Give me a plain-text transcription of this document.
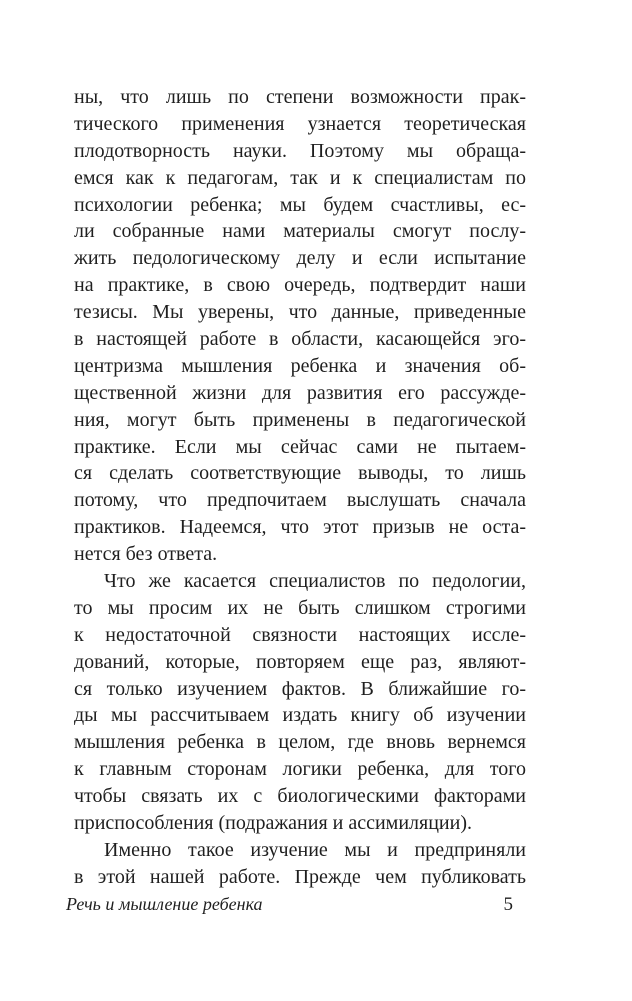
ны, что лишь по степени возможности прак-
тического применения узнается теоретическая
плодотворность науки. Поэтому мы обраща-
емся как к педагогам, так и к специалистам по
психологии ребенка; мы будем счастливы, ес-
ли собранные нами материалы смогут послу-
жить педологическому делу и если испытание
на практике, в свою очередь, подтвердит наши
тезисы. Мы уверены, что данные, приведенные
в настоящей работе в области, касающейся эго-
центризма мышления ребенка и значения об-
щественной жизни для развития его рассужде-
ния, могут быть применены в педагогической
практике. Если мы сейчас сами не пытаем-
ся сделать соответствующие выводы, то лишь
потому, что предпочитаем выслушать сначала
практиков. Надеемся, что этот призыв не оста-
нется без ответа.
Что же касается специалистов по педологии,
то мы просим их не быть слишком строгими
к недостаточной связности настоящих иссле-
дований, которые, повторяем еще раз, являют-
ся только изучением фактов. В ближайшие го-
ды мы рассчитываем издать книгу об изучении
мышления ребенка в целом, где вновь вернемся
к главным сторонам логики ребенка, для того
чтобы связать их с биологическими факторами
приспособления (подражания и ассимиляции).
Именно такое изучение мы и предприняли
в этой нашей работе. Прежде чем публиковать
Речь и мышление ребенка	5
